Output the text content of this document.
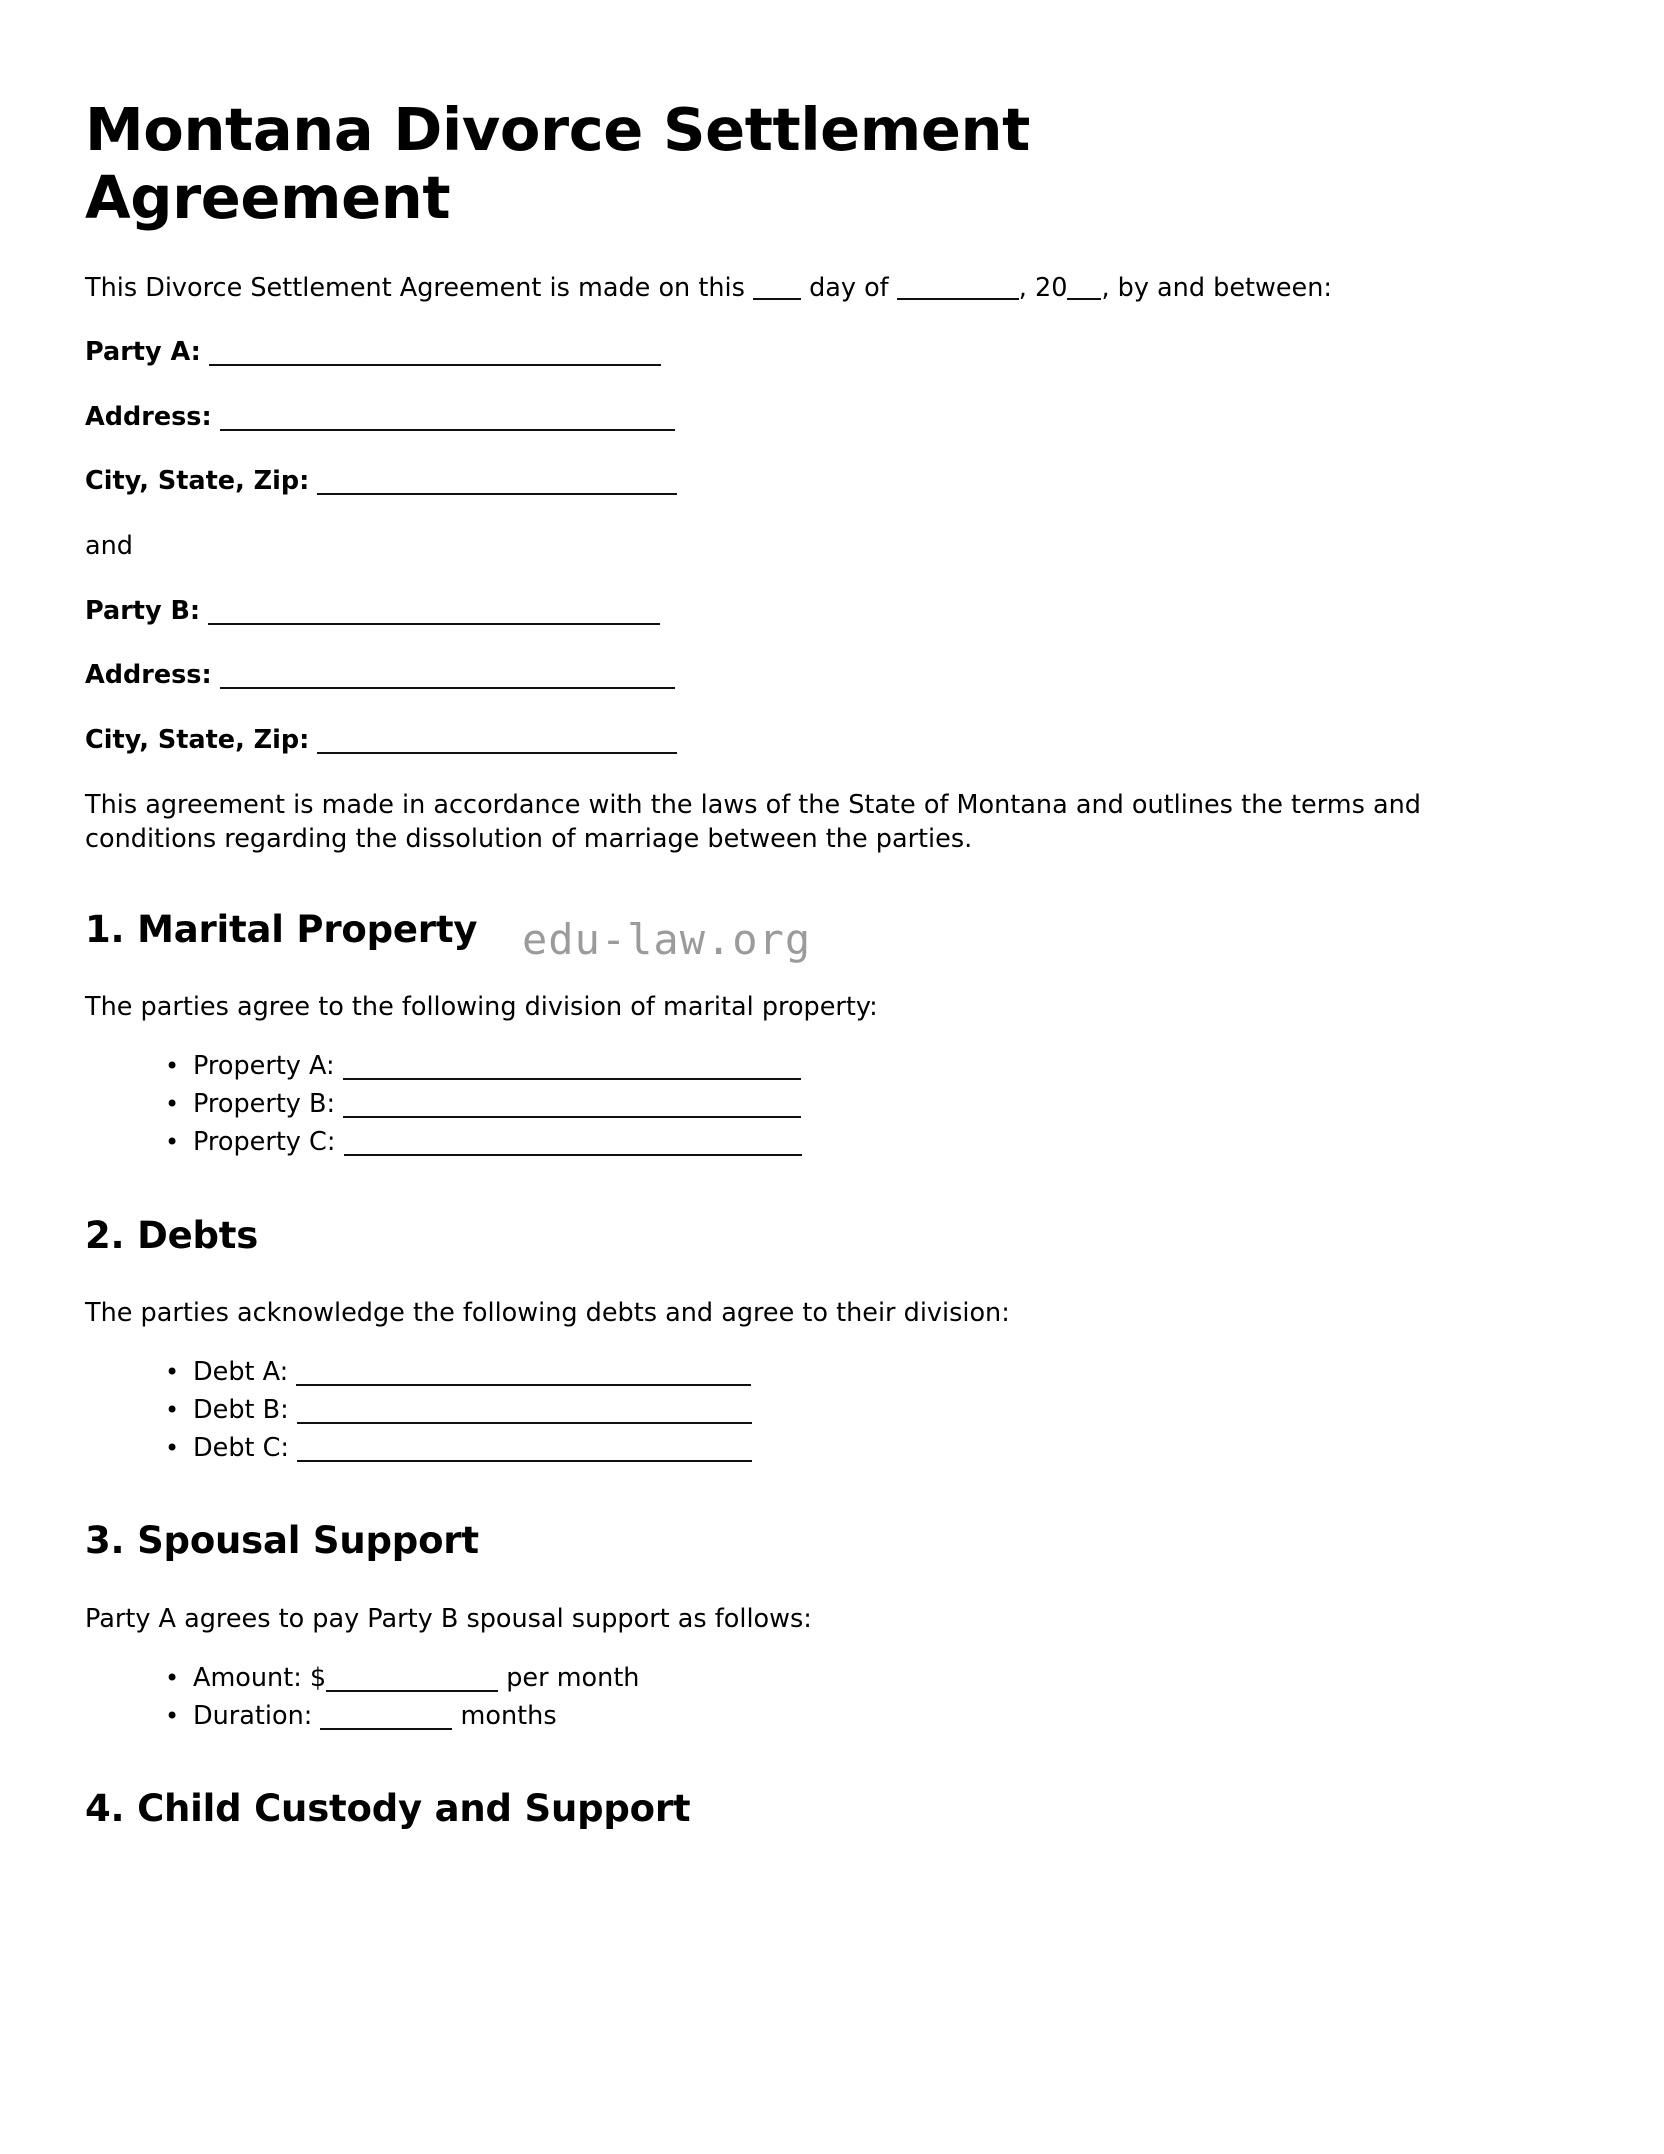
Montana Divorce Settlement Agreement

This Divorce Settlement Agreement is made on this  day of	, 20 , by and between:

Party A:

Address:

City, State, Zip:

and

Party B:

Address:

City, State, Zip:

This agreement is made in accordance with the laws of the State of Montana and outlines the terms and conditions regarding the dissolution of marriage between the parties.

1. Marital Property	edu-law.org

The parties agree to the following division of marital property:

• Property A:
• Property B:
• Property C:
2. Debts

The parties acknowledge the following debts and agree to their division:

• Debt A:
• Debt B:
• Debt C:
3. Spousal Support

Party A agrees to pay Party B spousal support as follows:

• Amount: $	per month
• Duration:	months
4. Child Custody and Support
